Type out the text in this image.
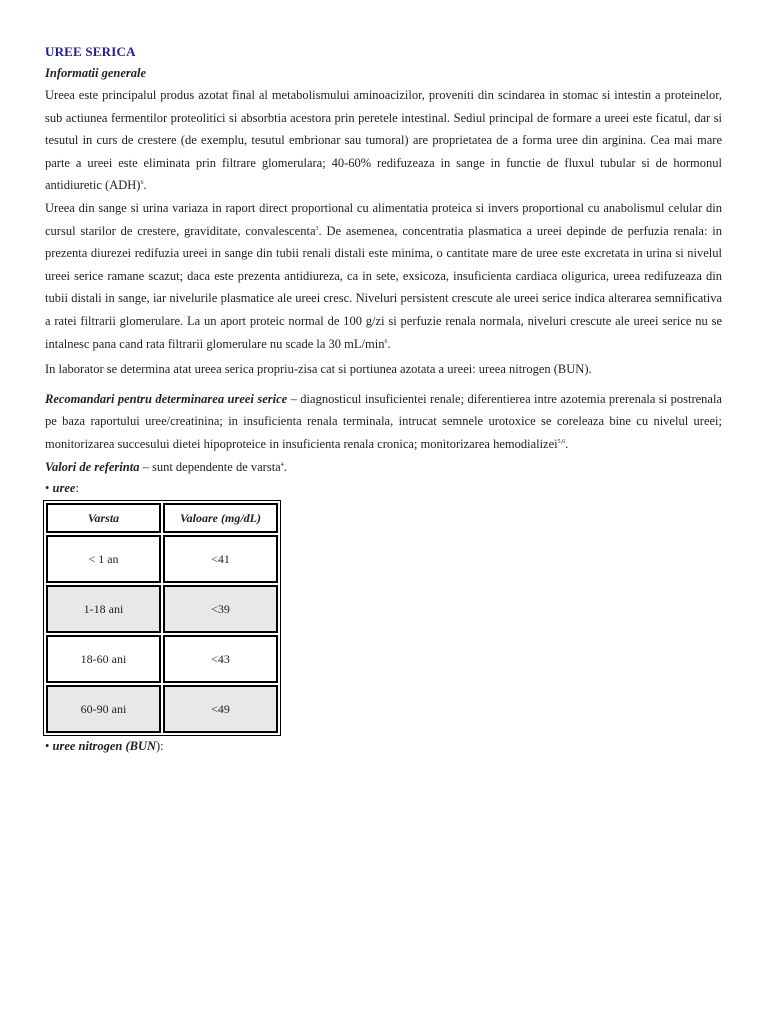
UREE SERICA
Informatii generale

Ureea este principalul produs azotat final al metabolismului aminoacizilor, proveniti din scindarea in stomac si intestin a proteinelor, sub actiunea fermentilor proteolitici si absorbtia acestora prin peretele intestinal. Sediul principal de formare a ureei este ficatul, dar si tesutul in curs de crestere (de exemplu, tesutul embrionar sau tumoral) are proprietatea de a forma uree din arginina. Cea mai mare parte a ureei este eliminata prin filtrare glomerulara; 40-60% redifuzeaza in sange in functie de fluxul tubular si de hormonul antidiuretic (ADH)$^6$.

Ureea din sange si urina variaza in raport direct proportional cu alimentatia proteica si invers proportional cu anabolismul celular din cursul starilor de crestere, graviditate, convalescenta$^3$. De asemenea, concentratia plasmatica a ureei depinde de perfuzia renala: in prezenta diurezei redifuzia ureei in sange din tubii renali distali este minima, o cantitate mare de uree este excretata in urina si nivelul ureei serice ramane scazut; daca este prezenta antidiureza, ca in sete, exsicoza, insuficienta cardiaca oligurica, ureea redifuzeaza din tubii distali in sange, iar nivelurile plasmatice ale ureei cresc. Niveluri persistent crescute ale ureei serice indica alterarea semnificativa a ratei filtrarii glomerulare. La un aport proteic normal de 100 g/zi si perfuzie renala normala, niveluri crescute ale ureei serice nu se intalnesc pana cand rata filtrarii glomerulare nu scade la 30 $mL/\min^6$.

In laborator se determina atat ureea serica propriu-zisa cat si portiunea azotata a ureei: ureea nitrogen (BUN).

Recomandari pentru determinarea ureei serice – diagnosticul insuficientei renale; diferentierea intre azotemia prerenala si postrenala pe baza raportului uree/creatinina; in insuficienta renala terminala, intrucat semnele urotoxice se coreleaza bine cu nivelul ureei; monitorizarea succesului dietei hipoproteice in insuficienta renala cronica; monitorizarea hemodializei$^{5,6}$.

Valori de referinta – sunt dependente de varsta$^4$.

• uree:
Varsta	Valoare (mg/dL)
< 1 an	<41
1-18 ani	<39
18-60 ani	<43
60-90 ani	<49
• uree nitrogen (BUN):
